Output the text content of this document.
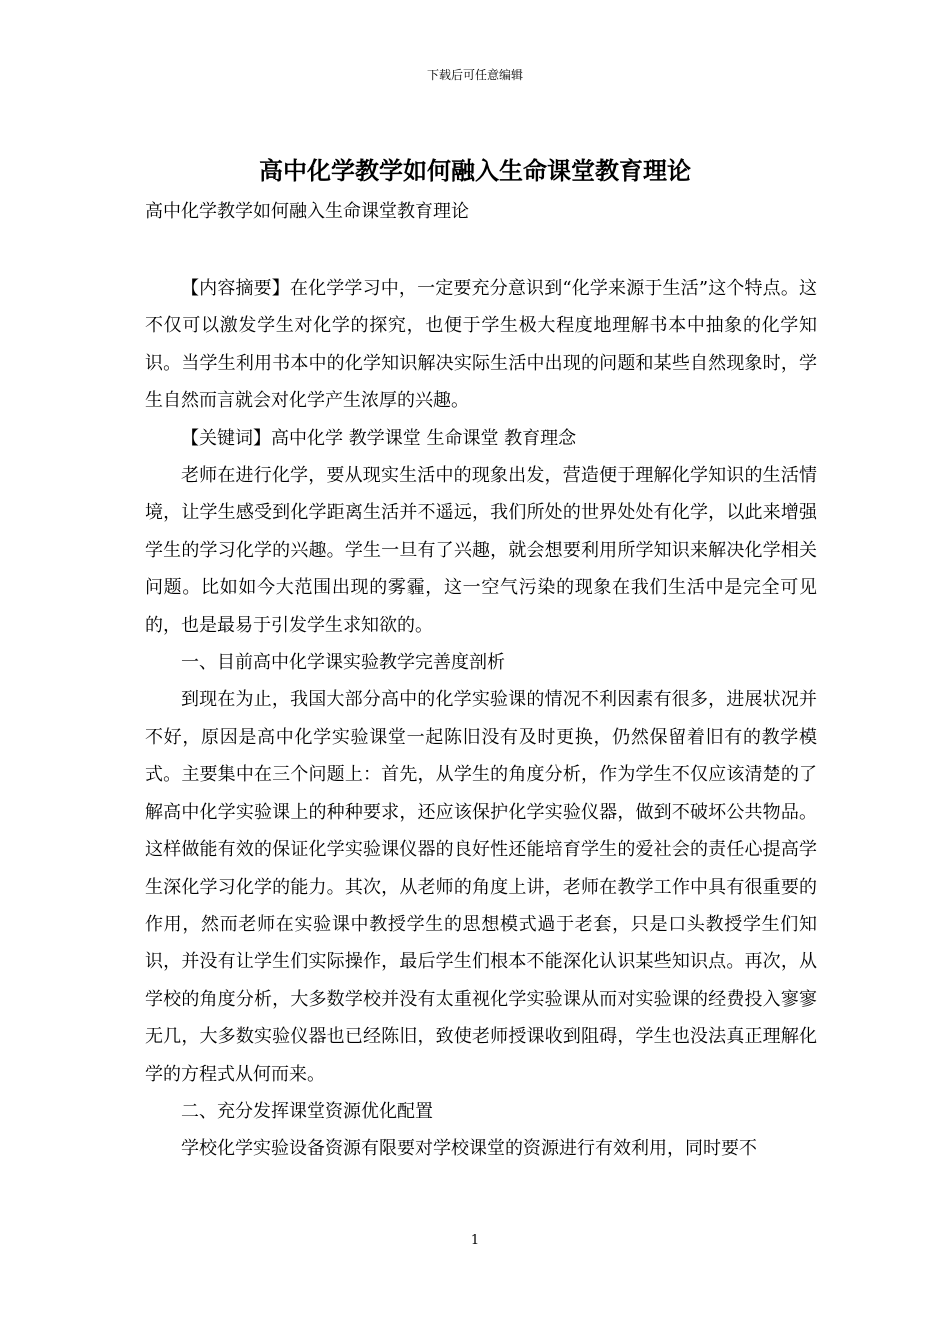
下载后可任意编辑
高中化学教学如何融入生命课堂教育理论
高中化学教学如何融入生命课堂教育理论

【内容摘要】在化学学习中，一定要充分意识到“化学来源于生活”这个特点。这不仅可以激发学生对化学的探究，也便于学生极大程度地理解书本中抽象的化学知识。当学生利用书本中的化学知识解决实际生活中出现的问题和某些自然现象时，学生自然而言就会对化学产生浓厚的兴趣。

【关键词】高中化学 教学课堂 生命课堂 教育理念

老师在进行化学，要从现实生活中的现象出发，营造便于理解化学知识的生活情境，让学生感受到化学距离生活并不遥远，我们所处的世界处处有化学，以此来增强学生的学习化学的兴趣。学生一旦有了兴趣，就会想要利用所学知识来解决化学相关问题。比如如今大范围出现的雾霾，这一空气污染的现象在我们生活中是完全可见的，也是最易于引发学生求知欲的。

一、目前高中化学课实验教学完善度剖析

到现在为止，我国大部分高中的化学实验课的情况不利因素有很多，进展状况并不好，原因是高中化学实验课堂一起陈旧没有及时更换，仍然保留着旧有的教学模式。主要集中在三个问题上：首先，从学生的角度分析，作为学生不仅应该清楚的了解高中化学实验课上的种种要求，还应该保护化学实验仪器，做到不破坏公共物品。这样做能有效的保证化学实验课仪器的良好性还能培育学生的爱社会的责任心提高学生深化学习化学的能力。其次，从老师的角度上讲，老师在教学工作中具有很重要的作用，然而老师在实验课中教授学生的思想模式過于老套，只是口头教授学生们知识，并没有让学生们实际操作，最后学生们根本不能深化认识某些知识点。再次，从学校的角度分析，大多数学校并没有太重视化学实验课从而对实验课的经费投入寥寥无几，大多数实验仪器也已经陈旧，致使老师授课收到阻碍，学生也没法真正理解化学的方程式从何而来。

二、充分发挥课堂资源优化配置

学校化学实验设备资源有限要对学校课堂的资源进行有效利用，同时要不

1
